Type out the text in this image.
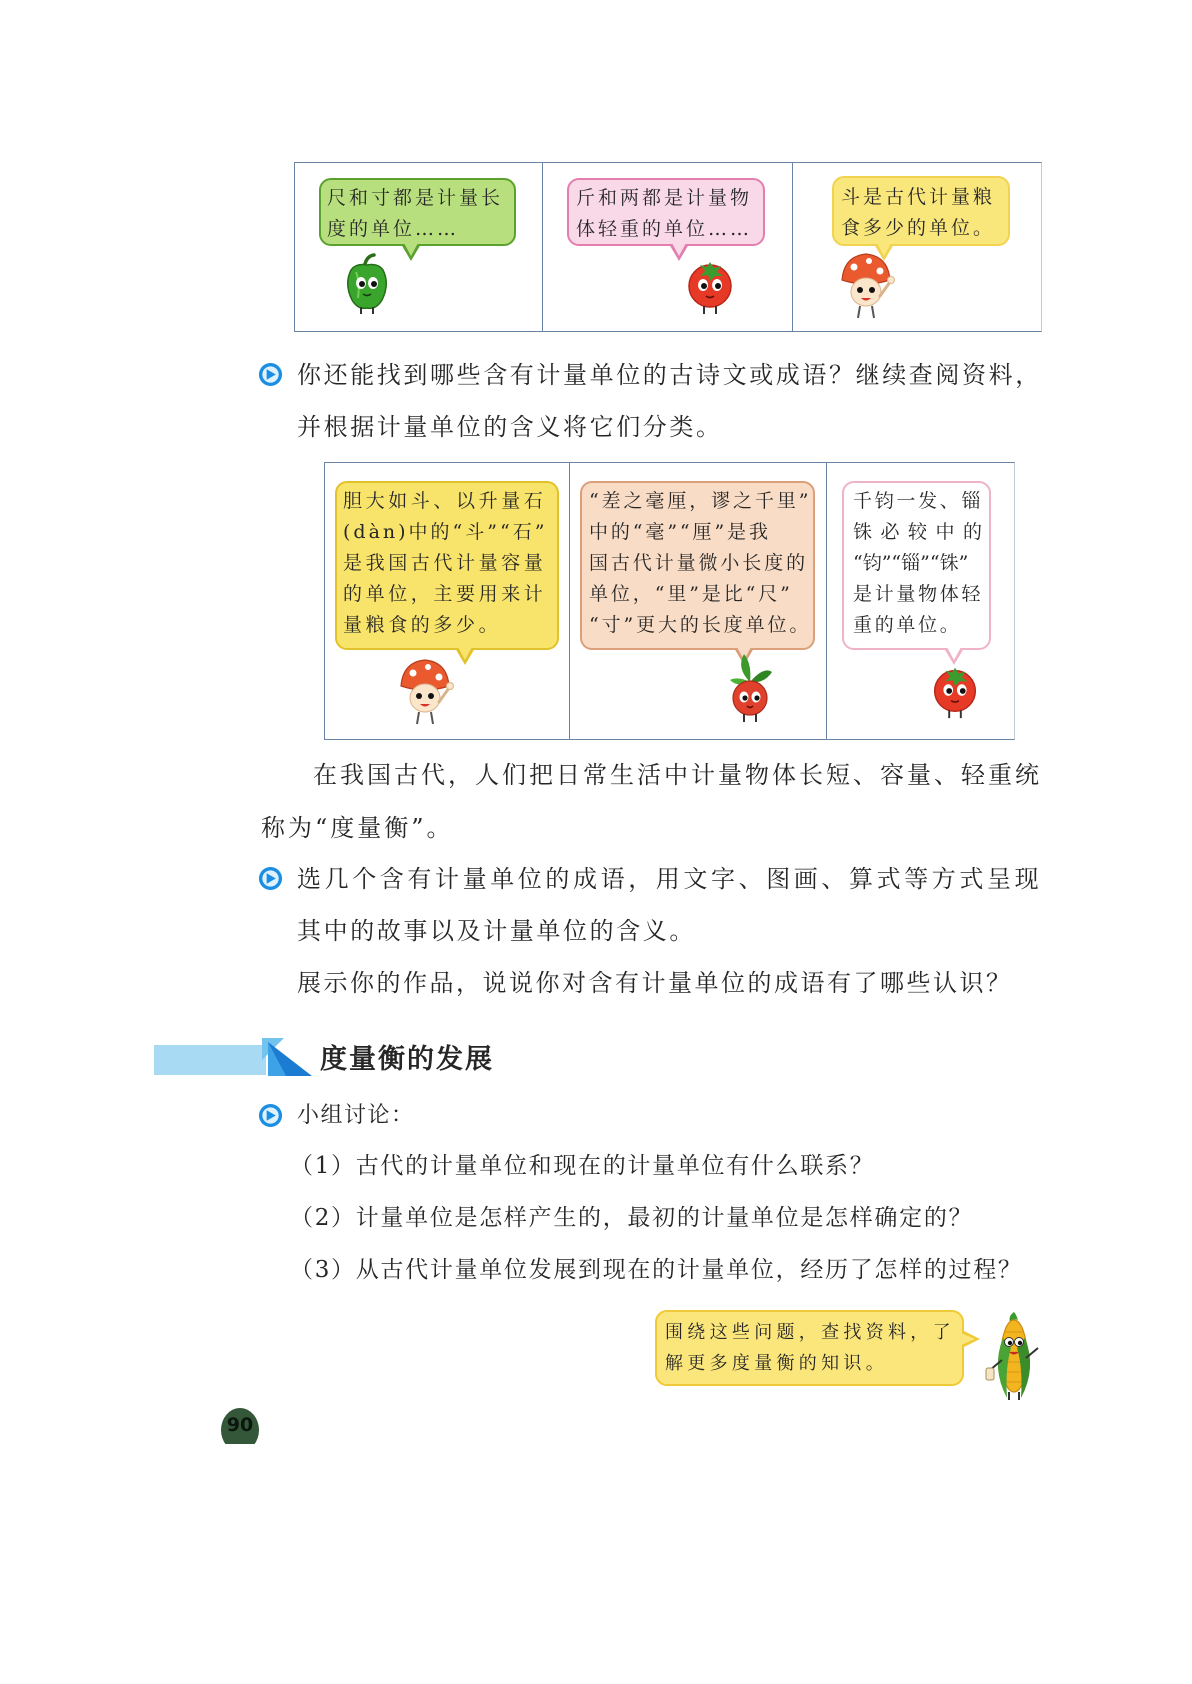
尺和寸都是计量长
度的单位……
斤和两都是计量物
体轻重的单位……
斗是古代计量粮
食多少的单位。
你还能找到哪些含有计量单位的古诗文或成语？继续查阅资料，
并根据计量单位的含义将它们分类。
胆大如斗、以升量石
(dàn)中的“斗”“石”
是我国古代计量容量
的单位，主要用来计
量粮食的多少。
“差之毫厘，谬之千里”
中的“毫”“厘”是我
国古代计量微小长度的
单位，“里”是比“尺”
“寸”更大的长度单位。
千钧一发、锱
铢必较中的
“钧”“锱”“铢”
是计量物体轻
重的单位。
在我国古代，人们把日常生活中计量物体长短、容量、轻重统
称为“度量衡”。
选几个含有计量单位的成语，用文字、图画、算式等方式呈现
其中的故事以及计量单位的含义。
展示你的作品，说说你对含有计量单位的成语有了哪些认识？
度量衡的发展
小组讨论：
（1）古代的计量单位和现在的计量单位有什么联系？
（2）计量单位是怎样产生的，最初的计量单位是怎样确定的？
（3）从古代计量单位发展到现在的计量单位，经历了怎样的过程？
围绕这些问题，查找资料，了
解更多度量衡的知识。
90
